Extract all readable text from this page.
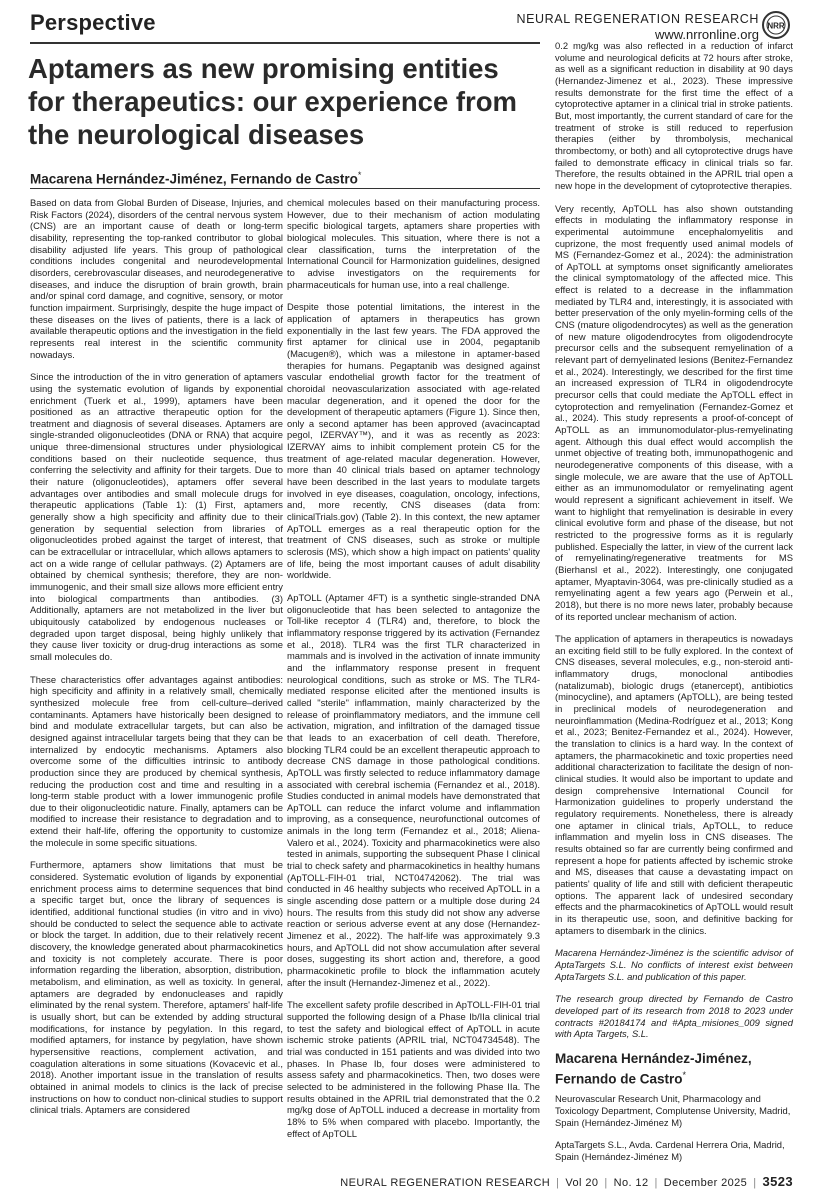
Perspective	NEURAL REGENERATION RESEARCH
www.nrronline.org
NRR
Aptamers as new promising entities for therapeutics: our experience from the neurological diseases
Macarena Hernández-Jiménez, Fernando de Castro*

Based on data from Global Burden of Disease, Injuries, and Risk Factors (2024), disorders of the central nervous system (CNS) are an important cause of death or long-term disability, representing the top-ranked contributor to global disability adjusted life years. This group of pathological conditions includes congenital and neurodevelopmental disorders, cerebrovascular diseases, and neurodegenerative diseases, and induce the disruption of brain growth, brain and/or spinal cord damage, and cognitive, sensory, or motor function impairment. Surprisingly, despite the huge impact of these diseases on the lives of patients, there is a lack of available therapeutic options and the investigation in the field represents real interest in the scientific community nowadays.

Since the introduction of the in vitro generation of aptamers using the systematic evolution of ligands by exponential enrichment (Tuerk et al., 1999), aptamers have been positioned as an attractive therapeutic option for the treatment and diagnosis of several diseases. Aptamers are single-stranded oligonucleotides (DNA or RNA) that acquire unique three-dimensional structures under physiological conditions based on their nucleotide sequence, thus conferring the selectivity and affinity for their targets. Due to their nature (oligonucleotides), aptamers offer several advantages over antibodies and small molecule drugs for therapeutic applications (Table 1): (1) First, aptamers generally show a high specificity and affinity due to their generation by sequential selection from libraries of oligonucleotides probed against the target of interest, that can be extracellular or intracellular, which allows aptamers to act on a wide range of cellular pathways. (2) Aptamers are obtained by chemical synthesis; therefore, they are non-immunogenic, and their small size allows more efficient entry into biological compartments than antibodies. (3) Additionally, aptamers are not metabolized in the liver but ubiquitously catabolized by endogenous nucleases or degraded upon target disposal, being highly unlikely that they cause liver toxicity or drug-drug interactions as some small molecules do.

These characteristics offer advantages against antibodies: high specificity and affinity in a relatively small, chemically synthesized molecule free from cell-culture–derived contaminants. Aptamers have historically been designed to bind and modulate extracellular targets, but can also be designed against intracellular targets being that they can be internalized by endocytic mechanisms. Aptamers also overcome some of the difficulties intrinsic to antibody production since they are produced by chemical synthesis, reducing the production cost and time and resulting in a long-term stable product with a lower immunogenic profile due to their oligonucleotidic nature. Finally, aptamers can be modified to increase their resistance to degradation and to extend their half-life, offering the opportunity to customize the molecule in some specific situations.

Furthermore, aptamers show limitations that must be considered. Systematic evolution of ligands by exponential enrichment process aims to determine sequences that bind a specific target but, once the library of sequences is identified, additional functional studies (in vitro and in vivo) should be conducted to select the sequence able to activate or block the target. In addition, due to their relatively recent discovery, the knowledge generated about pharmacokinetics and toxicity is not completely accurate. There is poor information regarding the liberation, absorption, distribution, metabolism, and elimination, as well as toxicity. In general, aptamers are degraded by endonucleases and rapidly eliminated by the renal system. Therefore, aptamers' half-life is usually short, but can be extended by adding structural modifications, for instance by pegylation. In this regard, modified aptamers, for instance by pegylation, have shown hypersensitive reactions, complement activation, and coagulation alterations in some situations (Kovacevic et al., 2018). Another important issue in the translation of results obtained in animal models to clinics is the lack of precise instructions on how to conduct non-clinical studies to support clinical trials. Aptamers are considered

chemical molecules based on their manufacturing process. However, due to their mechanism of action modulating specific biological targets, aptamers share properties with biological molecules. This situation, where there is not a clear classification, turns the interpretation of the International Council for Harmonization guidelines, designed to advise investigators on the requirements for pharmaceuticals for human use, into a real challenge.

Despite those potential limitations, the interest in the application of aptamers in therapeutics has grown exponentially in the last few years. The FDA approved the first aptamer for clinical use in 2004, pegaptanib (Macugen®), which was a milestone in aptamer-based therapies for humans. Pegaptanib was designed against vascular endothelial growth factor for the treatment of choroidal neovascularization associated with age-related macular degeneration, and it opened the door for the development of therapeutic aptamers (Figure 1). Since then, only a second aptamer has been approved (avacincaptad pegol, IZERVAY™), and it was as recently as 2023: IZERVAY aims to inhibit complement protein C5 for the treatment of age-related macular degeneration. However, more than 40 clinical trials based on aptamer technology have been described in the last years to modulate targets involved in eye diseases, coagulation, oncology, infections, and, more recently, CNS diseases (data from: clinicalTrials.gov) (Table 2). In this context, the new aptamer ApTOLL emerges as a real therapeutic option for the treatment of CNS diseases, such as stroke or multiple sclerosis (MS), which show a high impact on patients' quality of life, being the most important causes of adult disability worldwide.

ApTOLL (Aptamer 4FT) is a synthetic single-stranded DNA oligonucleotide that has been selected to antagonize the Toll-like receptor 4 (TLR4) and, therefore, to block the inflammatory response triggered by its activation (Fernandez et al., 2018). TLR4 was the first TLR characterized in mammals and is involved in the activation of innate immunity and the inflammatory response present in frequent neurological conditions, such as stroke or MS. The TLR4-mediated response elicited after the mentioned insults is called "sterile" inflammation, mainly characterized by the release of proinflammatory mediators, and the immune cell activation, migration, and infiltration of the damaged tissue that leads to an exacerbation of cell death. Therefore, blocking TLR4 could be an excellent therapeutic approach to decrease CNS damage in those pathological conditions. ApTOLL was firstly selected to reduce inflammatory damage associated with cerebral ischemia (Fernandez et al., 2018). Studies conducted in animal models have demonstrated that ApTOLL can reduce the infarct volume and inflammation improving, as a consequence, neurofunctional outcomes of animals in the long term (Fernandez et al., 2018; Aliena-Valero et al., 2024). Toxicity and pharmacokinetics were also tested in animals, supporting the subsequent Phase I clinical trial to check safety and pharmacokinetics in healthy humans (ApTOLL-FIH-01 trial, NCT04742062). The trial was conducted in 46 healthy subjects who received ApTOLL in a single ascending dose pattern or a multiple dose during 24 hours. The results from this study did not show any adverse reaction or serious adverse event at any dose (Hernandez-Jimenez et al., 2022). The half-life was approximately 9.3 hours, and ApTOLL did not show accumulation after several doses, suggesting its short action and, therefore, a good pharmacokinetic profile to block the inflammation acutely after the insult (Hernandez-Jimenez et al., 2022).

The excellent safety profile described in ApTOLL-FIH-01 trial supported the following design of a Phase Ib/IIa clinical trial to test the safety and biological effect of ApTOLL in acute ischemic stroke patients (APRIL trial, NCT04734548). The trial was conducted in 151 patients and was divided into two phases. In Phase Ib, four doses were administered to assess safety and pharmacokinetics. Then, two doses were selected to be administered in the following Phase IIa. The results obtained in the APRIL trial demonstrated that the 0.2 mg/kg dose of ApTOLL induced a decrease in mortality from 18% to 5% when compared with placebo. Importantly, the effect of ApTOLL

0.2 mg/kg was also reflected in a reduction of infarct volume and neurological deficits at 72 hours after stroke, as well as a significant reduction in disability at 90 days (Hernandez-Jimenez et al., 2023). These impressive results demonstrate for the first time the effect of a cytoprotective aptamer in a clinical trial in stroke patients. But, most importantly, the current standard of care for the treatment of stroke is still reduced to reperfusion therapies (either by thrombolysis, mechanical thrombectomy, or both) and all cytoprotective drugs have failed to demonstrate efficacy in clinical trials so far. Therefore, the results obtained in the APRIL trial open a new hope in the development of cytoprotective therapies.

Very recently, ApTOLL has also shown outstanding effects in modulating the inflammatory response in experimental autoimmune encephalomyelitis and cuprizone, the most frequently used animal models of MS (Fernandez-Gomez et al., 2024): the administration of ApTOLL at symptoms onset significantly ameliorates the clinical symptomatology of the affected mice. This effect is related to a decrease in the inflammation mediated by TLR4 and, interestingly, it is associated with better preservation of the only myelin-forming cells of the CNS (mature oligodendrocytes) as well as the generation of new mature oligodendrocytes from oligodendrocyte precursor cells and the subsequent remyelination of a relevant part of demyelinated lesions (Benitez-Fernandez et al., 2024). Interestingly, we described for the first time an increased expression of TLR4 in oligodendrocyte precursor cells that could mediate the ApTOLL effect in cytoprotection and remyelination (Fernandez-Gomez et al., 2024). This study represents a proof-of-concept of ApTOLL as an immunomodulator-plus-remyelinating agent. Although this dual effect would accomplish the unmet objective of treating both, immunopathogenic and neurodegenerative components of this disease, with a single molecule, we are aware that the use of ApTOLL either as an immunomodulator or remyelinating agent would represent a significant achievement in itself. We want to highlight that remyelination is desirable in every clinical evolutive form and phase of the disease, but not restricted to the progressive forms as it is regularly published. Especially the latter, in view of the current lack of remyelinating/regenerative treatments for MS (Bierhansl et al., 2022). Interestingly, one conjugated aptamer, Myaptavin-3064, was pre-clinically studied as a remyelinating agent a few years ago (Perwein et al., 2018), but there is no more news later, probably because of its reported unclear mechanism of action.

The application of aptamers in therapeutics is nowadays an exciting field still to be fully explored. In the context of CNS diseases, several molecules, e.g., non-steroid anti-inflammatory drugs, monoclonal antibodies (natalizumab), biologic drugs (etanercept), antibiotics (minocycline), and aptamers (ApTOLL), are being tested in preclinical models of neurodegeneration and neuroinflammation (Medina-Rodríguez et al., 2013; Kong et al., 2023; Benitez-Fernandez et al., 2024). However, the translation to clinics is a hard way. In the context of aptamers, the pharmacokinetic and toxic properties need additional characterization to facilitate the design of non-clinical studies. It would also be important to update and design comprehensive International Council for Harmonization guidelines to properly understand the regulatory requirements. Nonetheless, there is already one aptamer in clinical trials, ApTOLL, to reduce inflammation and myelin loss in CNS diseases. The results obtained so far are currently being confirmed and represent a hope for patients affected by ischemic stroke and MS, diseases that cause a devastating impact on patients' quality of life and still with deficient therapeutic options. The apparent lack of undesired secondary effects and the pharmacokinetics of ApTOLL would result in its therapeutic use, soon, and definitive backing for aptamers to disembark in the clinics.

Macarena Hernández-Jiménez is the scientific advisor of AptaTargets S.L. No conflicts of interest exist between AptaTargets S.L. and publication of this paper.

The research group directed by Fernando de Castro developed part of its research from 2018 to 2023 under contracts #20184174 and #Apta_misiones_009 signed with Apta Targets, S.L.

Macarena Hernández-Jiménez, Fernando de Castro*

Neurovascular Research Unit, Pharmacology and Toxicology Department, Complutense University, Madrid, Spain (Hernández-Jiménez M)

AptaTargets S.L., Avda. Cardenal Herrera Oria, Madrid, Spain (Hernández-Jiménez M)

NEURAL REGENERATION RESEARCH | Vol 20 | No. 12 | December 2025 | 3523
